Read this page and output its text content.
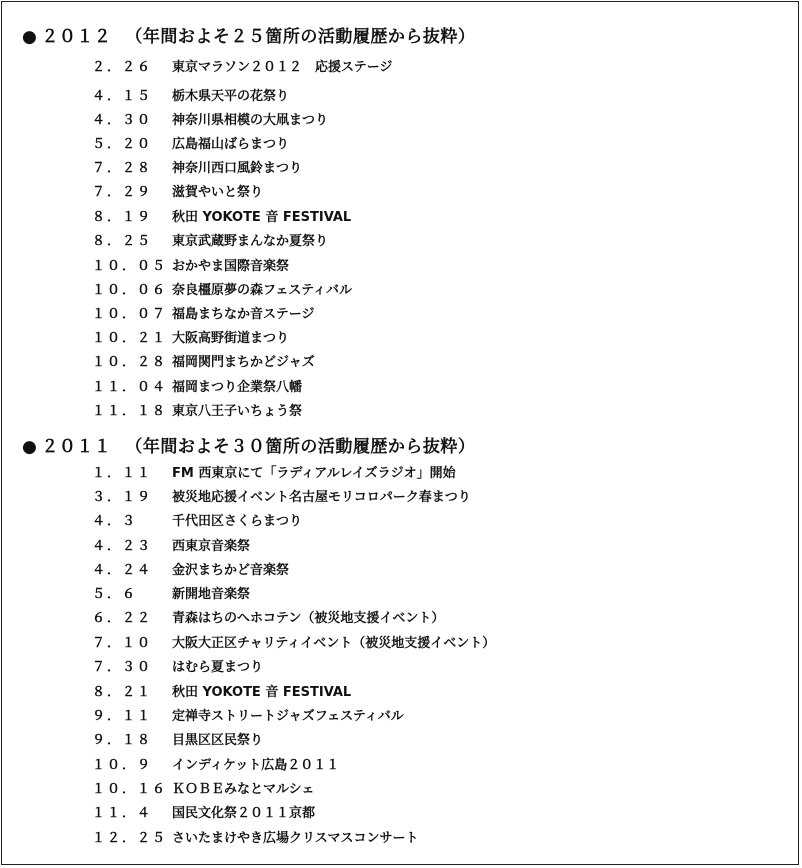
● ２０１２ （年間およそ２５箇所の活動履歴から抜粋）
２．２６ 東京マラソン２０１２　応援ステージ
４．１５ 栃木県天平の花祭り
４．３０ 神奈川県相模の大凧まつり
５．２０ 広島福山ばらまつり
７．２８ 神奈川西口風鈴まつり
７．２９ 滋賀やいと祭り
８．１９ 秋田 YOKOTE 音 FESTIVAL
８．２５ 東京武蔵野まんなか夏祭り
１０．０５ おかやま国際音楽祭
１０．０６ 奈良橿原夢の森フェスティバル
１０．０７ 福島まちなか音ステージ
１０．２１ 大阪高野街道まつり
１０．２８ 福岡関門まちかどジャズ
１１．０４ 福岡まつり企業祭八幡
１１．１８ 東京八王子いちょう祭
● ２０１１ （年間およそ３０箇所の活動履歴から抜粋）
１．１１ FM 西東京にて「ラディアルレイズラジオ」開始
３．１９ 被災地応援イベント名古屋モリコロパーク春まつり
４．３	千代田区さくらまつり
４．２３ 西東京音楽祭
４．２４ 金沢まちかど音楽祭
５．６	新開地音楽祭
６．２２ 青森はちのへホコテン（被災地支援イベント）
７．１０ 大阪大正区チャリティイベント（被災地支援イベント）
７．３０ はむら夏まつり
８．２１ 秋田 YOKOTE 音 FESTIVAL
９．１１ 定禅寺ストリートジャズフェスティバル
９．１８ 目黒区区民祭り
１０．９ インディケット広島２０１１
１０．１６ ＫＯＢＥみなとマルシェ
１１．４ 国民文化祭２０１１京都
１２．２５ さいたまけやき広場クリスマスコンサート
